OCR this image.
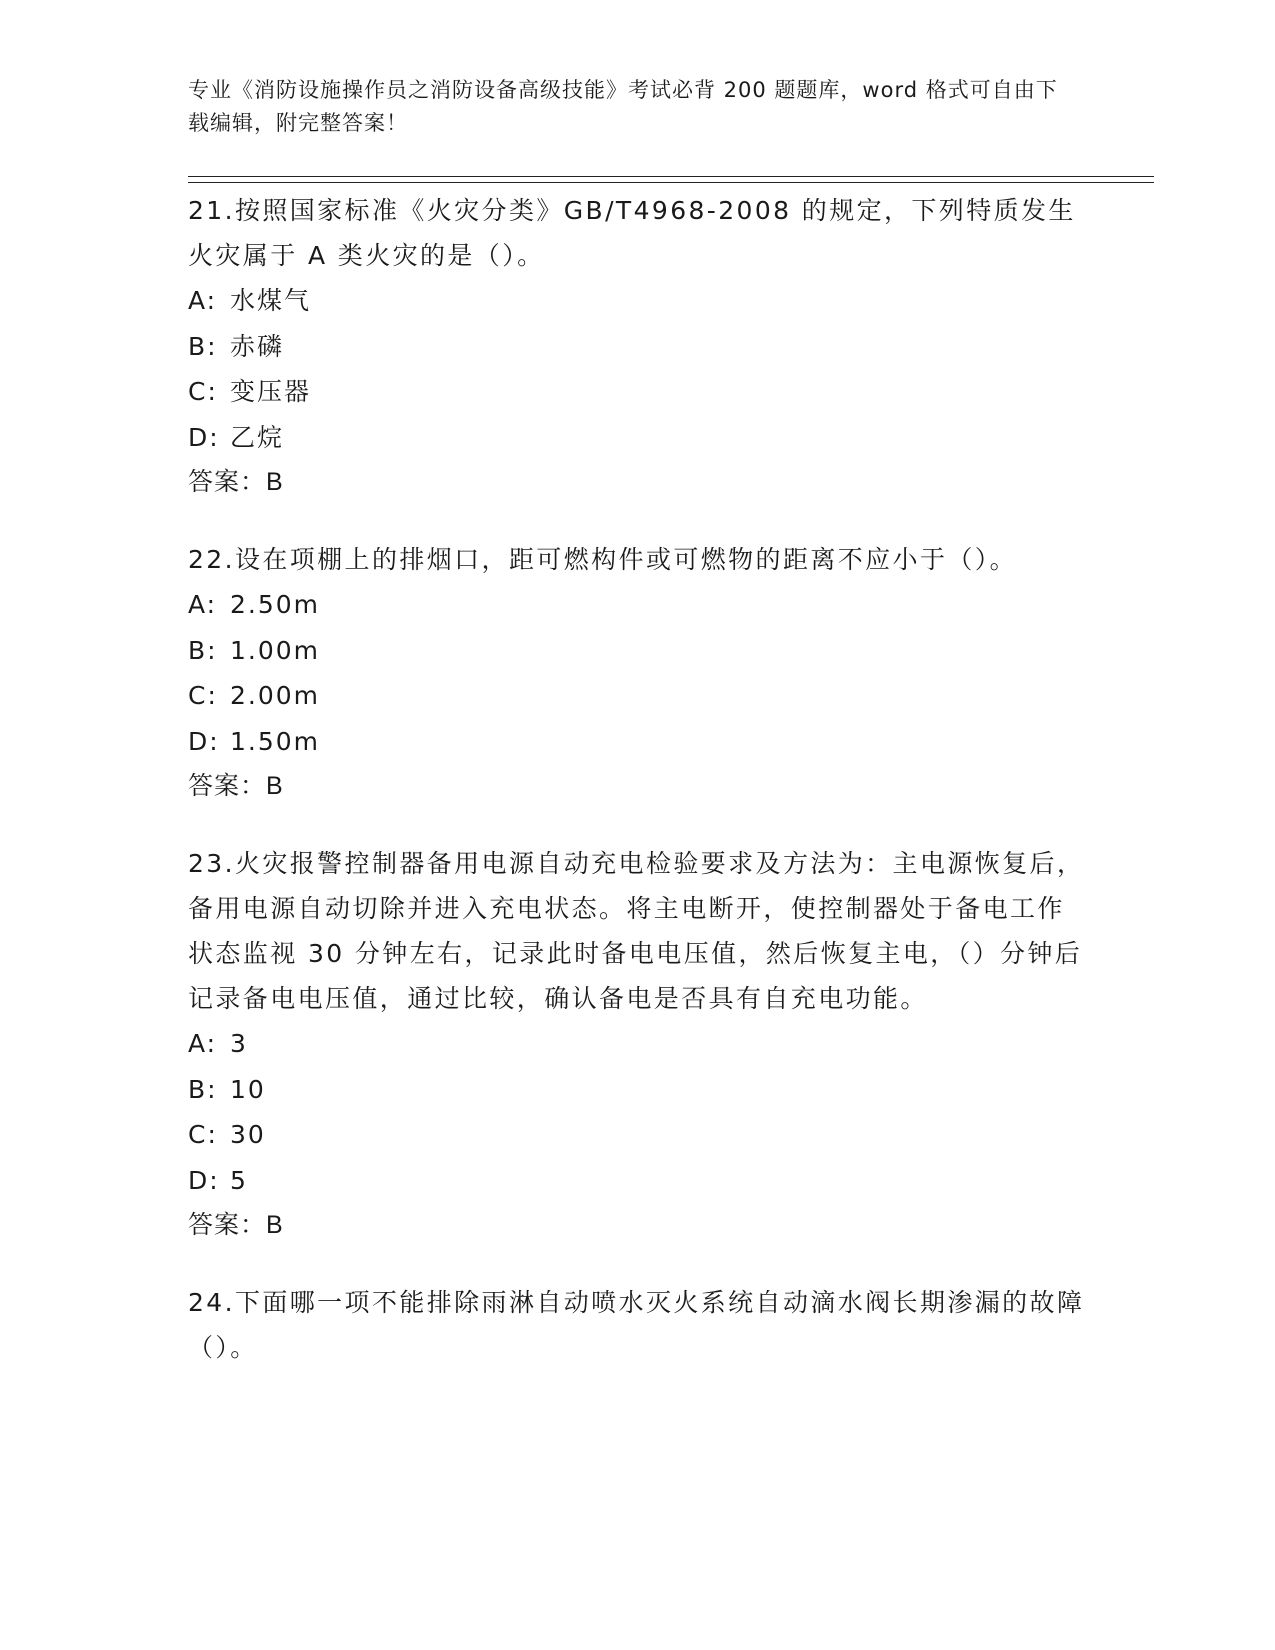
专业《消防设施操作员之消防设备高级技能》考试必背 200 题题库，word 格式可自由下载编辑，附完整答案！
21.按照国家标准《火灾分类》GB/T4968-2008 的规定，下列特质发生火灾属于 A 类火灾的是（）。
A: 水煤气
B: 赤磷
C: 变压器
D: 乙烷
答案：B
22.设在项棚上的排烟口，距可燃构件或可燃物的距离不应小于（）。
A: 2.50m
B: 1.00m
C: 2.00m
D: 1.50m
答案：B
23.火灾报警控制器备用电源自动充电检验要求及方法为：主电源恢复后，备用电源自动切除并进入充电状态。将主电断开，使控制器处于备电工作状态监视 30 分钟左右，记录此时备电电压值，然后恢复主电，（）分钟后记录备电电压值，通过比较，确认备电是否具有自充电功能。
A: 3
B: 10
C: 30
D: 5
答案：B
24.下面哪一项不能排除雨淋自动喷水灭火系统自动滴水阀长期渗漏的故障（）。
